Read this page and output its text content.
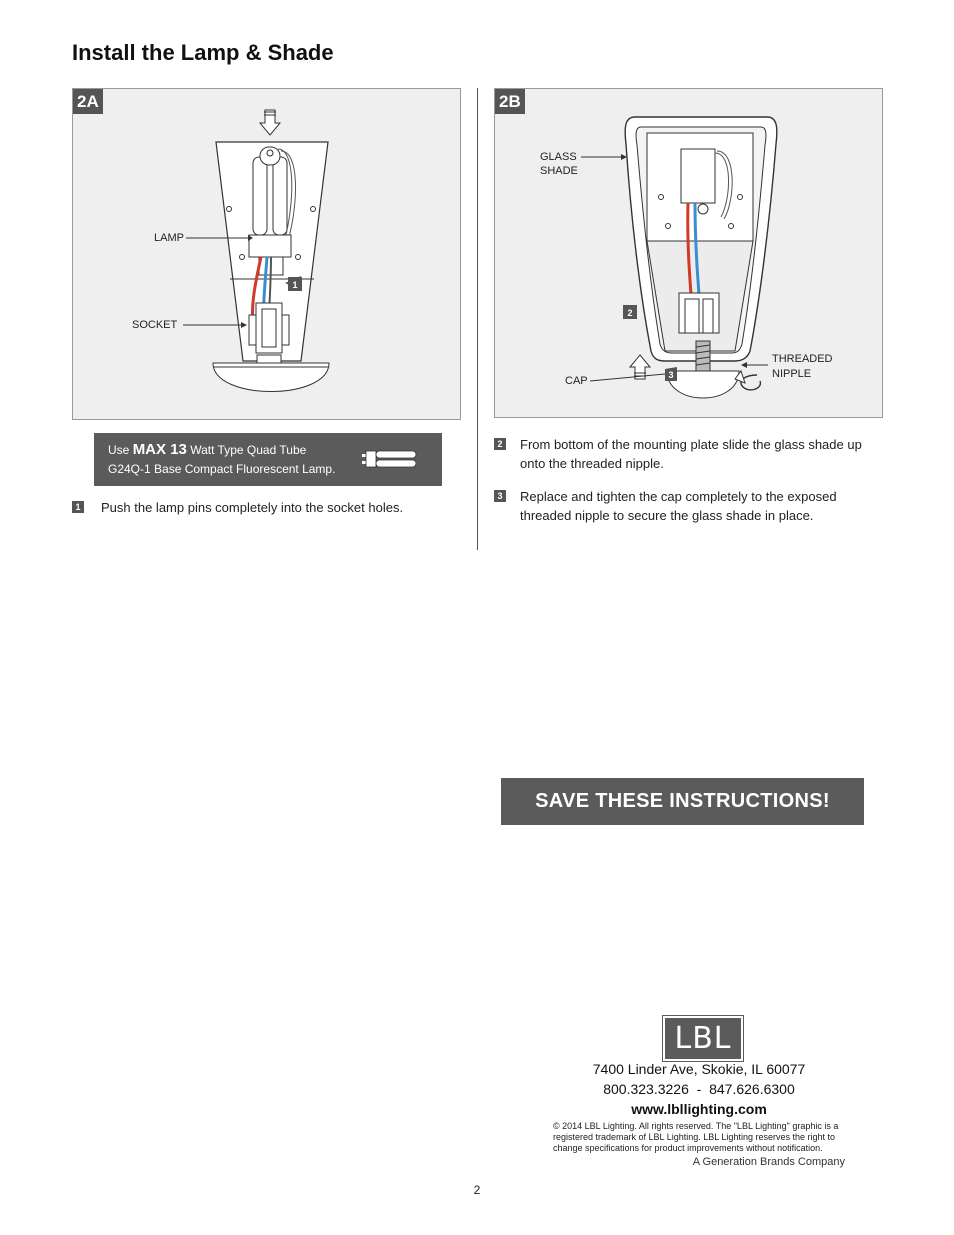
Install the Lamp & Shade
2A
1
LAMP
SOCKET
2B
2
3
GLASS
SHADE
THREADED
NIPPLE
CAP
Use MAX 13 Watt Type Quad Tube
G24Q-1 Base Compact Fluorescent Lamp.
1 Push the lamp pins completely into the socket holes.
2 From bottom of the mounting plate slide the glass shade up
onto the threaded nipple.
3 Replace and tighten the cap completely to the exposed
threaded nipple to secure the glass shade in place.
SAVE THESE INSTRUCTIONS!
LBL
7400 Linder Ave, Skokie, IL 60077
800.323.3226  -  847.626.6300
www.lbllighting.com
© 2014 LBL Lighting. All rights reserved. The "LBL Lighting" graphic is a
registered trademark of LBL Lighting. LBL Lighting reserves the right to
change specifications for product improvements without notification.
A Generation Brands Company
2
